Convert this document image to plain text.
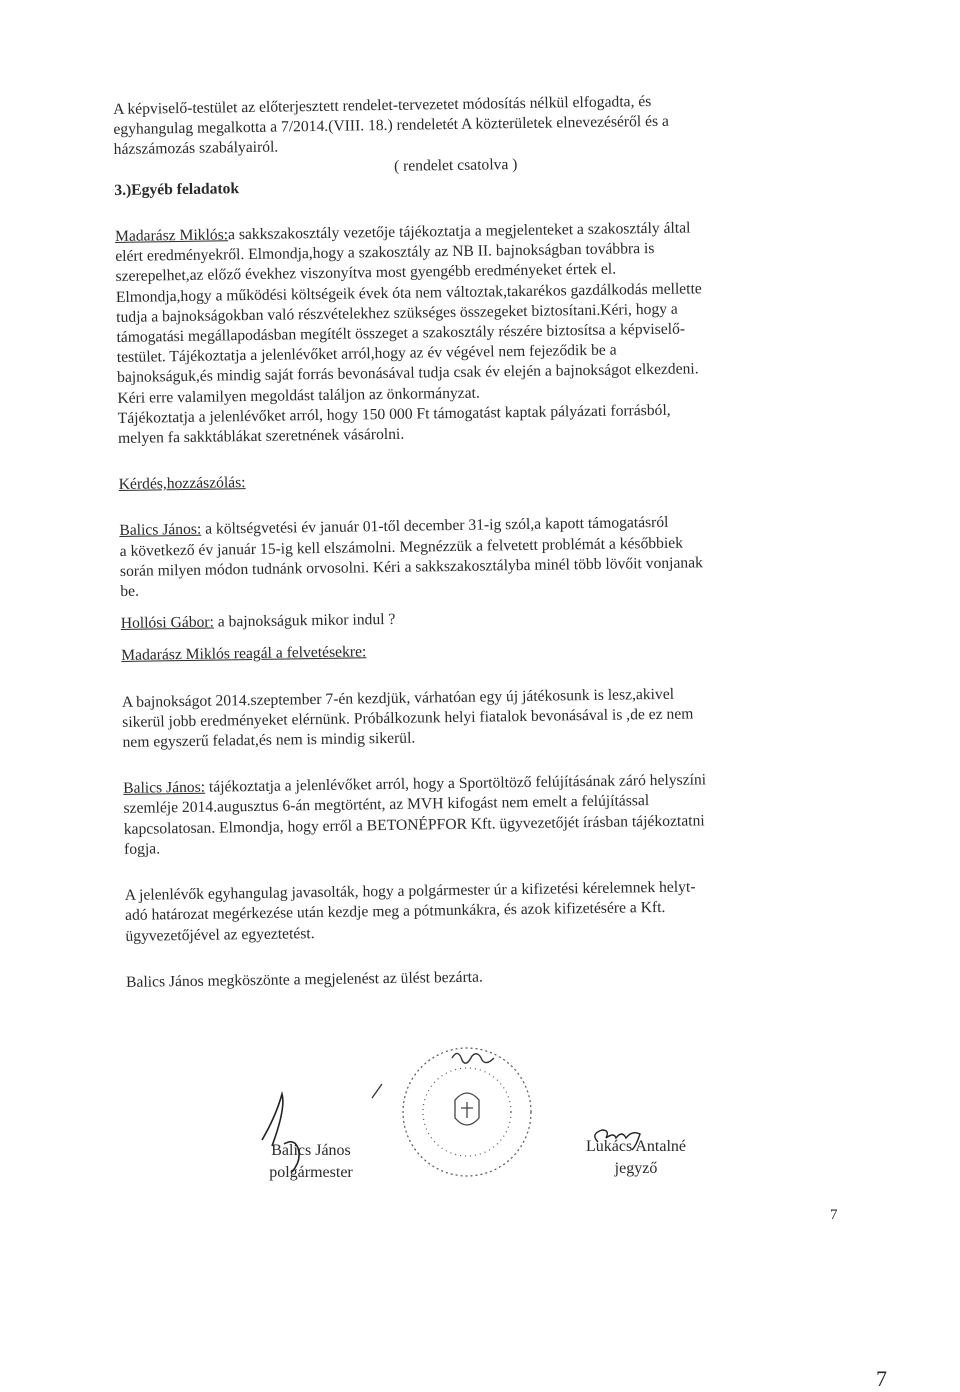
A képviselő-testület az előterjesztett rendelet-tervezetet módosítás nélkül elfogadta, és

egyhangulag megalkotta a 7/2014.(VIII. 18.) rendeletét A közterületek elnevezéséről és a

házszámozás szabályairól.

( rendelet csatolva )

3.)Egyéb feladatok

Madarász Miklós:a sakkszakosztály vezetője tájékoztatja a megjelenteket a szakosztály által

elért eredményekről. Elmondja,hogy a szakosztály az NB II. bajnokságban továbbra is

szerepelhet,az előző évekhez viszonyítva most gyengébb eredményeket értek el.

Elmondja,hogy a működési költségeik évek óta nem változtak,takarékos gazdálkodás mellette

tudja a bajnokságokban való részvételekhez szükséges összegeket biztosítani.Kéri, hogy a

támogatási megállapodásban megítélt összeget a szakosztály részére biztosítsa a képviselő-

testület. Tájékoztatja a jelenlévőket arról,hogy az év végével nem fejeződik be a

bajnokságuk,és mindig saját forrás bevonásával tudja csak év elején a bajnokságot elkezdeni.

Kéri erre valamilyen megoldást találjon az önkormányzat.

Tájékoztatja a jelenlévőket arról, hogy 150 000 Ft támogatást kaptak pályázati forrásból,

melyen fa sakktáblákat szeretnének vásárolni.

Kérdés,hozzászólás:

Balics János: a költségvetési év január 01-től december 31-ig szól,a kapott támogatásról

a következő év január 15-ig kell elszámolni. Megnézzük a felvetett problémát a későbbiek

során milyen módon tudnánk orvosolni. Kéri a sakkszakosztályba minél több lövőit vonjanak

be.

Hollósi Gábor: a bajnokságuk mikor indul ?

Madarász Miklós reagál a felvetésekre:

A bajnokságot 2014.szeptember 7-én kezdjük, várhatóan egy új játékosunk is lesz,akivel

sikerül jobb eredményeket elérnünk. Próbálkozunk helyi fiatalok bevonásával is ,de ez nem

nem egyszerű feladat,és nem is mindig sikerül.

Balics János: tájékoztatja a jelenlévőket arról, hogy a Sportöltöző felújításának záró helyszíni

szemléje 2014.augusztus 6-án megtörtént, az MVH kifogást nem emelt a felújítással

kapcsolatosan. Elmondja, hogy erről a BETONÉPFOR Kft. ügyvezetőjét írásban tájékoztatni

fogja.

A jelenlévők egyhangulag javasolták, hogy a polgármester úr a kifizetési kérelemnek helyt-

adó határozat megérkezése után kezdje meg a pótmunkákra, és azok kifizetésére a Kft.

ügyvezetőjével az egyeztetést.

Balics János megköszönte a megjelenést az ülést bezárta.

Balics János
polgármester
Lukács Antalné
jegyző
7
7
